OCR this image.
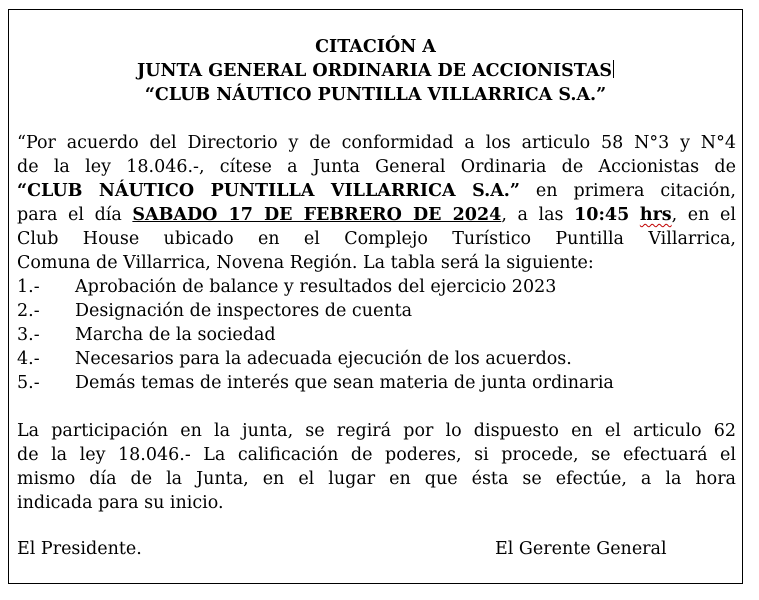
CITACIÓN A
JUNTA GENERAL ORDINARIA DE ACCIONISTAS
“CLUB NÁUTICO PUNTILLA VILLARRICA S.A.”
“Por acuerdo del Directorio y de conformidad a los articulo 58 N°3 y N°4
de la ley 18.046.-, cítese a Junta General Ordinaria de Accionistas de
“CLUB NÁUTICO PUNTILLA VILLARRICA S.A.” en primera citación,
para el día SABADO 17 DE FEBRERO DE 2024, a las 10:45 hrs, en el
Club House ubicado en el Complejo Turístico Puntilla Villarrica,
Comuna de Villarrica, Novena Región. La tabla será la siguiente:
1.- Aprobación de balance y resultados del ejercicio 2023
2.- Designación de inspectores de cuenta
3.- Marcha de la sociedad
4.- Necesarios para la adecuada ejecución de los acuerdos.
5.- Demás temas de interés que sean materia de junta ordinaria
La participación en la junta, se regirá por lo dispuesto en el articulo 62
de la ley 18.046.- La calificación de poderes, si procede, se efectuará el
mismo día de la Junta, en el lugar en que ésta se efectúe, a la hora
indicada para su inicio.
El Presidente.	El Gerente General
